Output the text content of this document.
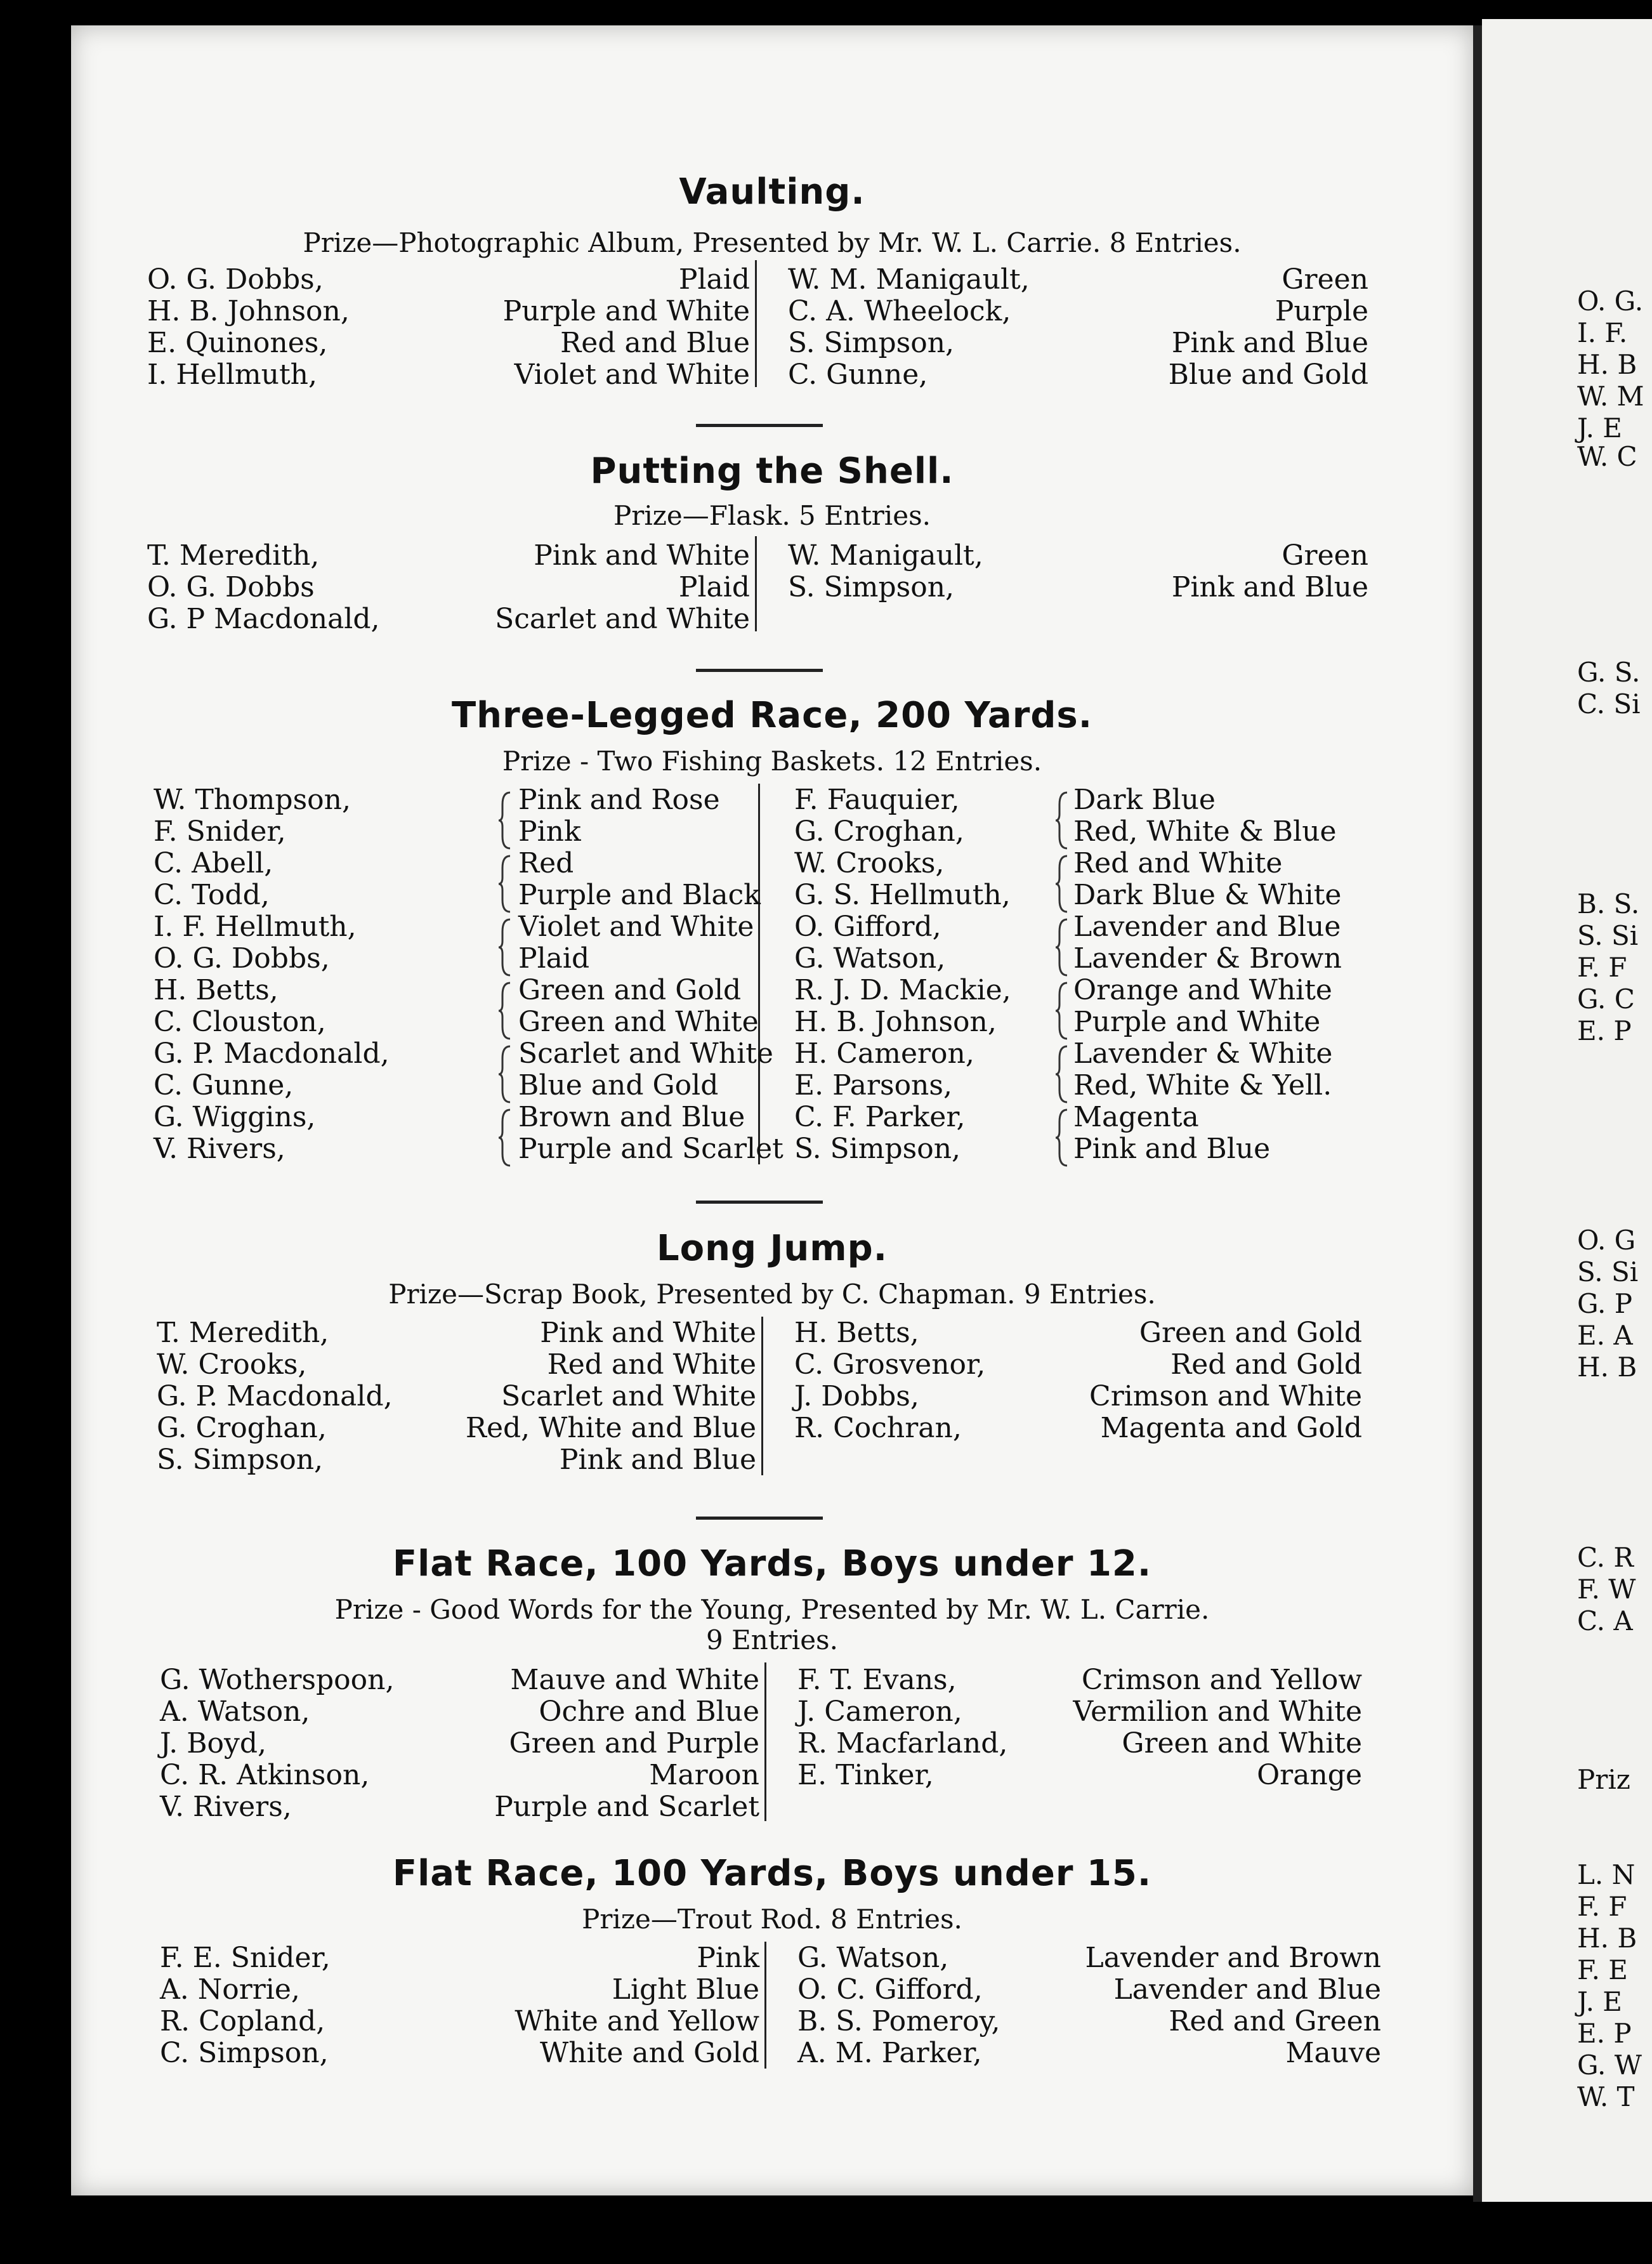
Vaulting.
Prize—Photographic Album, Presented by Mr. W. L. Carrie. 8 Entries.
O. G. Dobbs,	Plaid
H. B. Johnson,	Purple and White
E. Quinones,	Red and Blue
I. Hellmuth,	Violet and White
W. M. Manigault,	Green
C. A. Wheelock,	Purple
S. Simpson,	Pink and Blue
C. Gunne,	Blue and Gold
Putting the Shell.
Prize—Flask. 5 Entries.
T. Meredith,	Pink and White
O. G. Dobbs	Plaid
G. P Macdonald,	Scarlet and White
W. Manigault,	Green
S. Simpson,	Pink and Blue
Three-Legged Race, 200 Yards.
Prize - Two Fishing Baskets. 12 Entries.
W. Thompson,	Pink and Rose
F. Snider,	Pink
C. Abell,	Red
C. Todd,	Purple and Black
I. F. Hellmuth,	Violet and White
O. G. Dobbs,	Plaid
H. Betts,	Green and Gold
C. Clouston,	Green and White
G. P. Macdonald,	Scarlet and White
C. Gunne,	Blue and Gold
G. Wiggins,	Brown and Blue
V. Rivers,	Purple and Scarlet
F. Fauquier,	Dark Blue
G. Croghan,	Red, White & Blue
W. Crooks,	Red and White
G. S. Hellmuth, Dark Blue & White
O. Gifford,	Lavender and Blue
G. Watson,	Lavender & Brown
R. J. D. Mackie, Orange and White
H. B. Johnson,	Purple and White
H. Cameron,	Lavender & White
E. Parsons,	Red, White & Yell.
C. F. Parker,	Magenta
S. Simpson,	Pink and Blue
Long Jump.
Prize—Scrap Book, Presented by C. Chapman. 9 Entries.
T. Meredith,	Pink and White
W. Crooks,	Red and White
G. P. Macdonald,	Scarlet and White
G. Croghan,	Red, White and Blue
S. Simpson,	Pink and Blue
H. Betts,	Green and Gold
C. Grosvenor,	Red and Gold
J. Dobbs,	Crimson and White
R. Cochran,	Magenta and Gold
Flat Race, 100 Yards, Boys under 12.
Prize - Good Words for the Young, Presented by Mr. W. L. Carrie.
9 Entries.
G. Wotherspoon,	Mauve and White
A. Watson,	Ochre and Blue
J. Boyd,	Green and Purple
C. R. Atkinson,	Maroon
V. Rivers,	Purple and Scarlet
F. T. Evans,	Crimson and Yellow
J. Cameron,	Vermilion and White
R. Macfarland,	Green and White
E. Tinker,	Orange
Flat Race, 100 Yards, Boys under 15.
Prize—Trout Rod. 8 Entries.
F. E. Snider,	Pink
A. Norrie,	Light Blue
R. Copland,	White and Yellow
C. Simpson,	White and Gold
G. Watson,	Lavender and Brown
O. C. Gifford,	Lavender and Blue
B. S. Pomeroy,	Red and Green
A. M. Parker,	Mauve
O. G.
I. F.
H. B
W. M
J. E
W. C
G. S.
C. Si
B. S.
S. Si
F. F
G. C
E. P
O. G
S. Si
G. P
E. A
H. B
C. R
F. W
C. A
Priz
L. N
F. F
H. B
F. E
J. E
E. P
G. W
W. T
